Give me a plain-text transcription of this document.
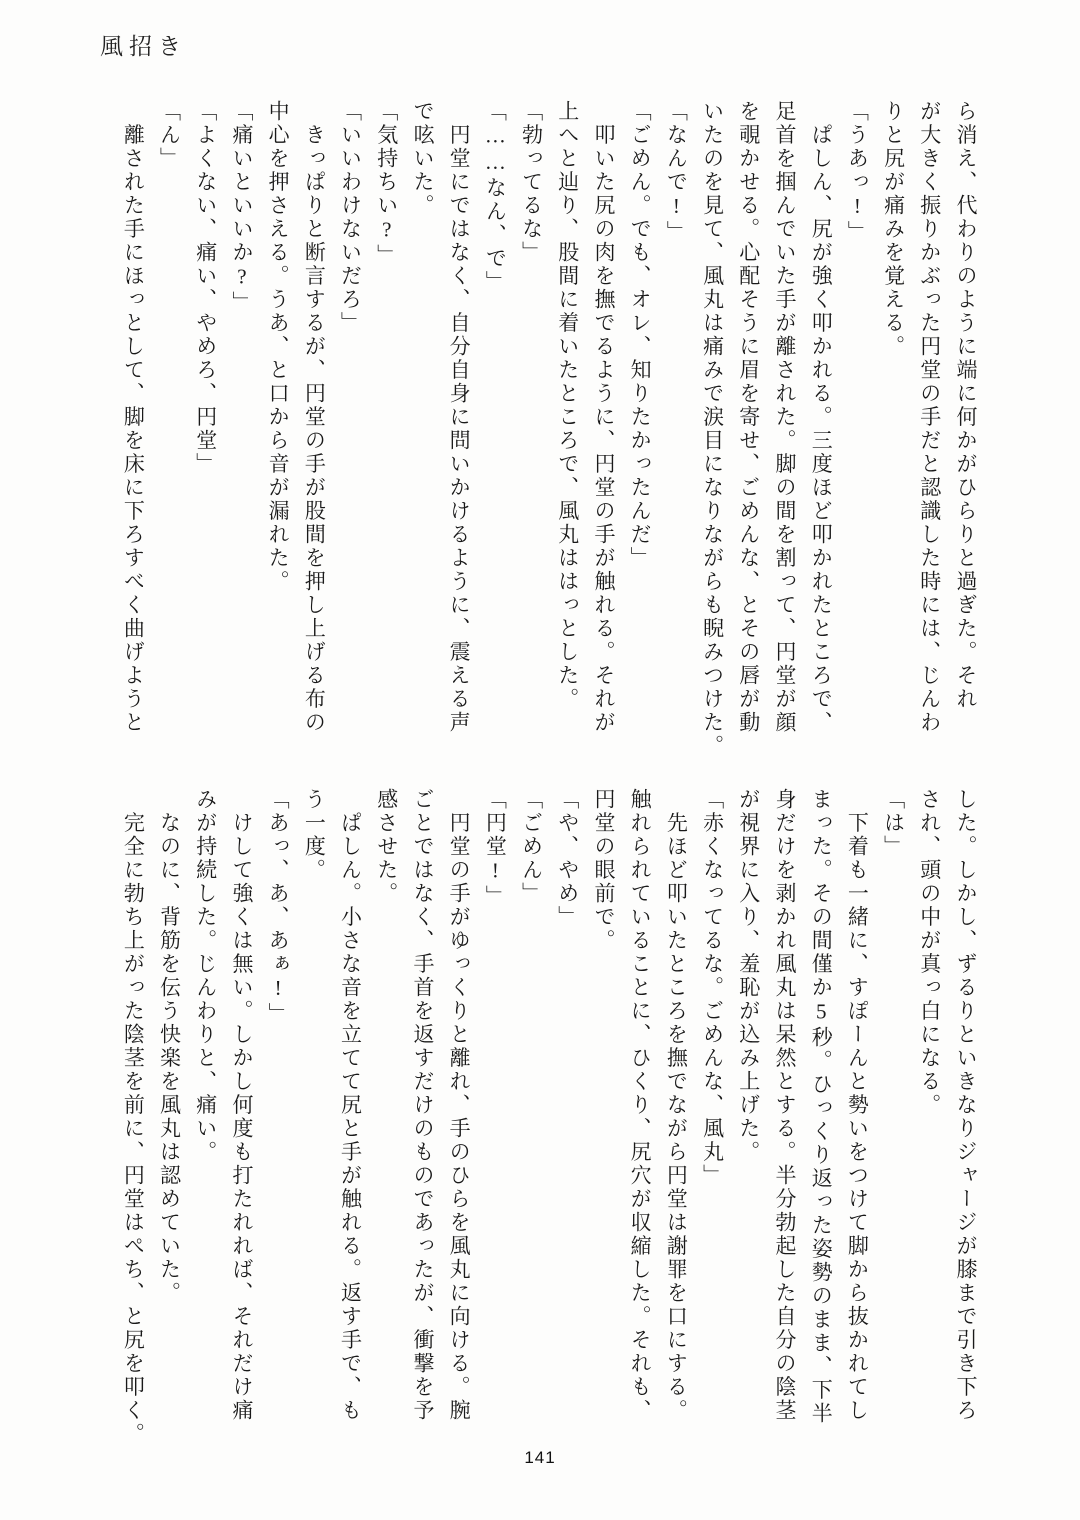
風招き

ら消え、代わりのように端に何かがひらりと過ぎた。それ

が大きく振りかぶった円堂の手だと認識した時には、じんわ

りと尻が痛みを覚える。

「うあっ!」

　ぱしん、尻が強く叩かれる。三度ほど叩かれたところで、

足首を掴んでいた手が離された。脚の間を割って、円堂が顔

を覗かせる。心配そうに眉を寄せ、ごめんな、とその唇が動

いたのを見て、風丸は痛みで涙目になりながらも睨みつけた。

「なんで!」

「ごめん。でも、オレ、知りたかったんだ」

　叩いた尻の肉を撫でるように、円堂の手が触れる。それが

上へと辿り、股間に着いたところで、風丸ははっとした。

「勃ってるな」

「……なん、で」

　円堂にではなく、自分自身に問いかけるように、震える声

で呟いた。

「気持ちい?」

「いいわけないだろ」

　きっぱりと断言するが、円堂の手が股間を押し上げる布の

中心を押さえる。うあ、と口から音が漏れた。

「痛いといいか?」

「よくない、痛い、やめろ、円堂」

「ん」

　離された手にほっとして、脚を床に下ろすべく曲げようと

した。しかし、ずるりといきなりジャージが膝まで引き下ろ

され、頭の中が真っ白になる。

「は」

　下着も一緒に、すぽーんと勢いをつけて脚から抜かれてし

まった。その間僅か5秒。ひっくり返った姿勢のまま、下半

身だけを剥かれ風丸は呆然とする。半分勃起した自分の陰茎

が視界に入り、羞恥が込み上げた。

「赤くなってるな。ごめんな、風丸」

　先ほど叩いたところを撫でながら円堂は謝罪を口にする。

触れられていることに、ひくり、尻穴が収縮した。それも、

円堂の眼前で。

「や、やめ」

「ごめん」

「円堂!」

　円堂の手がゆっくりと離れ、手のひらを風丸に向ける。腕

ごとではなく、手首を返すだけのものであったが、衝撃を予

感させた。

　ぱしん。小さな音を立てて尻と手が触れる。返す手で、も

う一度。

「あっ、あ、あぁ!」

　けして強くは無い。しかし何度も打たれれば、それだけ痛

みが持続した。じんわりと、痛い。

　なのに、背筋を伝う快楽を風丸は認めていた。

　完全に勃ち上がった陰茎を前に、円堂はぺち、と尻を叩く。

141
